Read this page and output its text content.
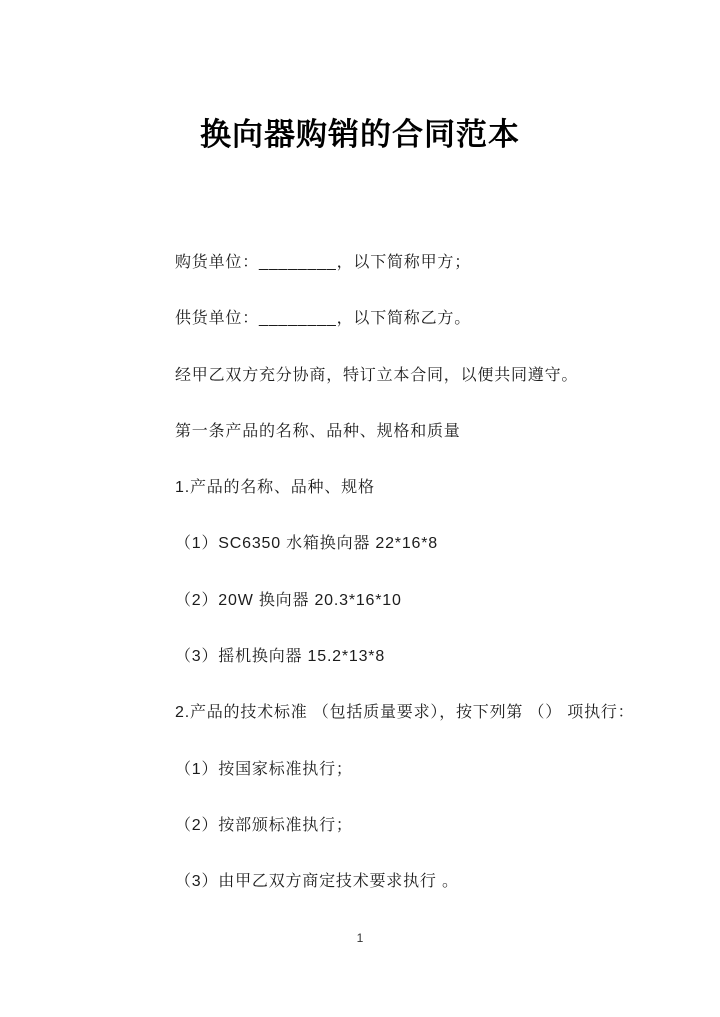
换向器购销的合同范本

购货单位：________，以下简称甲方；

供货单位：________，以下简称乙方。

经甲乙双方充分协商，特订立本合同，以便共同遵守。

第一条产品的名称、品种、规格和质量

1.产品的名称、品种、规格

（1）SC6350 水箱换向器 22*16*8

（2）20W 换向器 20.3*16*10

（3）摇机换向器 15.2*13*8

2.产品的技术标准 （包括质量要求），按下列第 （） 项执行：

（1）按国家标准执行；

（2）按部颁标准执行；

（3）由甲乙双方商定技术要求执行 。

1
